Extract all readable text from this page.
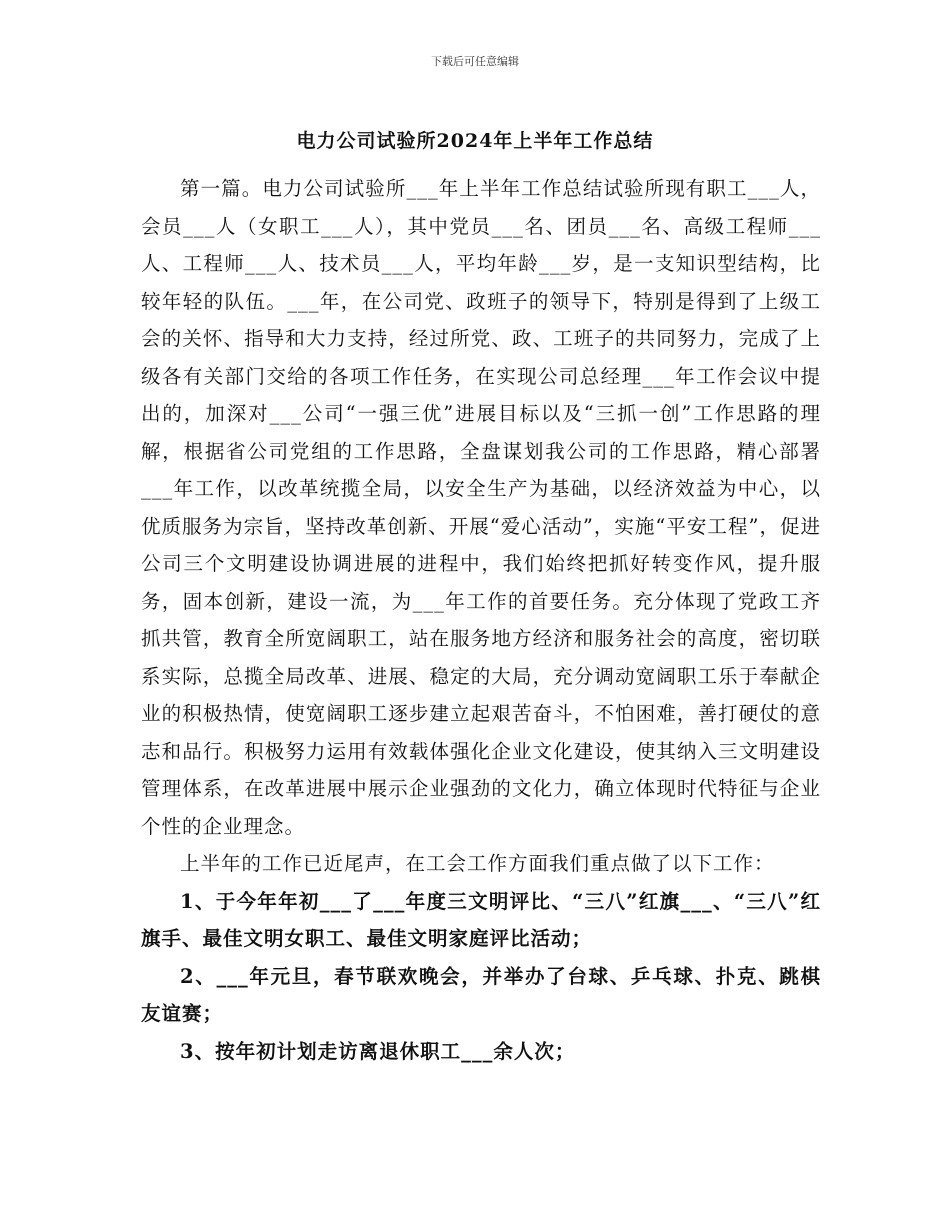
下载后可任意编辑
电力公司试验所2024年上半年工作总结

第一篇。电力公司试验所___年上半年工作总结试验所现有职工___人，会员___人（女职工___人），其中党员___名、团员___名、高级工程师___人、工程师___人、技术员___人，平均年龄___岁，是一支知识型结构，比较年轻的队伍。___年，在公司党、政班子的领导下，特别是得到了上级工会的关怀、指导和大力支持，经过所党、政、工班子的共同努力，完成了上级各有关部门交给的各项工作任务，在实现公司总经理___年工作会议中提出的，加深对___公司“一强三优”进展目标以及“三抓一创”工作思路的理解，根据省公司党组的工作思路，全盘谋划我公司的工作思路，精心部署___年工作，以改革统揽全局，以安全生产为基础，以经济效益为中心，以优质服务为宗旨，坚持改革创新、开展“爱心活动”，实施“平安工程”，促进公司三个文明建设协调进展的进程中，我们始终把抓好转变作风，提升服务，固本创新，建设一流，为___年工作的首要任务。充分体现了党政工齐抓共管，教育全所宽阔职工，站在服务地方经济和服务社会的高度，密切联系实际，总揽全局改革、进展、稳定的大局，充分调动宽阔职工乐于奉献企业的积极热情，使宽阔职工逐步建立起艰苦奋斗，不怕困难，善打硬仗的意志和品行。积极努力运用有效载体强化企业文化建设，使其纳入三文明建设管理体系，在改革进展中展示企业强劲的文化力，确立体现时代特征与企业个性的企业理念。

上半年的工作已近尾声，在工会工作方面我们重点做了以下工作：

1、于今年年初___了___年度三文明评比、“三八”红旗___、“三八”红旗手、最佳文明女职工、最佳文明家庭评比活动；

2、___年元旦，春节联欢晚会，并举办了台球、乒乓球、扑克、跳棋友谊赛；

3、按年初计划走访离退休职工___余人次；
